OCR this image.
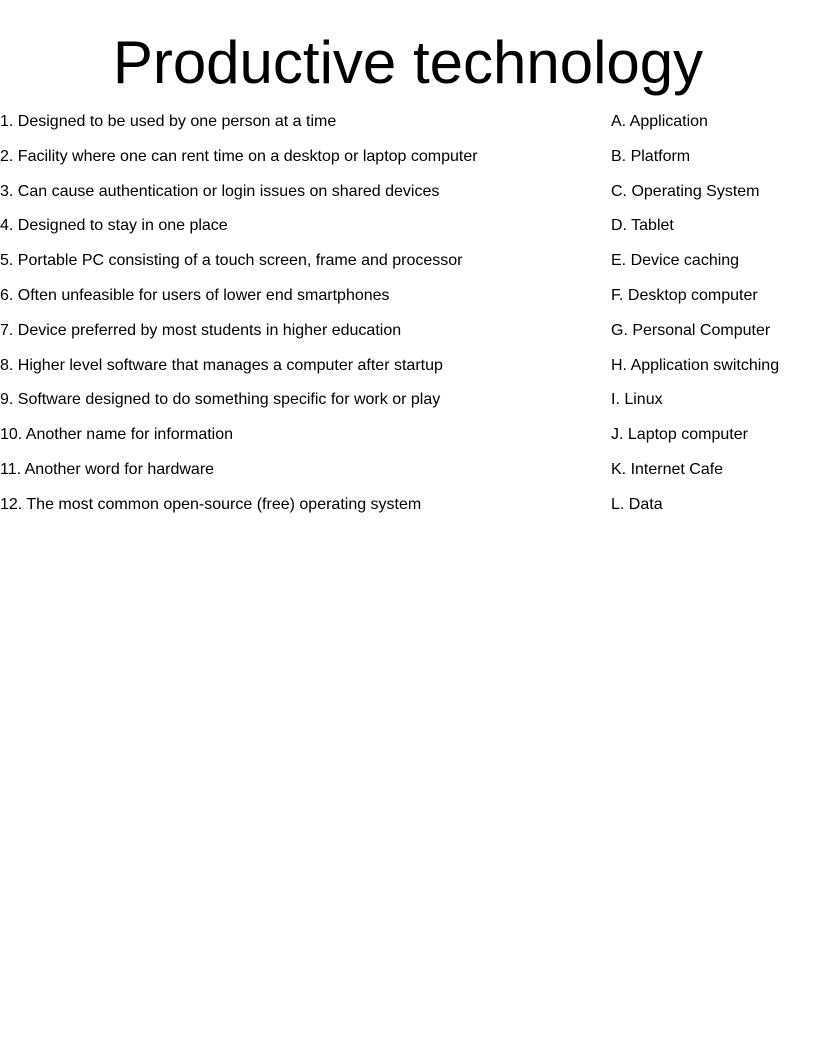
Productive technology
1. Designed to be used by one person at a time
2. Facility where one can rent time on a desktop or laptop computer
3. Can cause authentication or login issues on shared devices
4. Designed to stay in one place
5. Portable PC consisting of a touch screen, frame and processor
6. Often unfeasible for users of lower end smartphones
7. Device preferred by most students in higher education
8. Higher level software that manages a computer after startup
9. Software designed to do something specific for work or play
10. Another name for information
11. Another word for hardware
12. The most common open-source (free) operating system
A. Application
B. Platform
C. Operating System
D. Tablet
E. Device caching
F. Desktop computer
G. Personal Computer
H. Application switching
I. Linux
J. Laptop computer
K. Internet Cafe
L. Data
